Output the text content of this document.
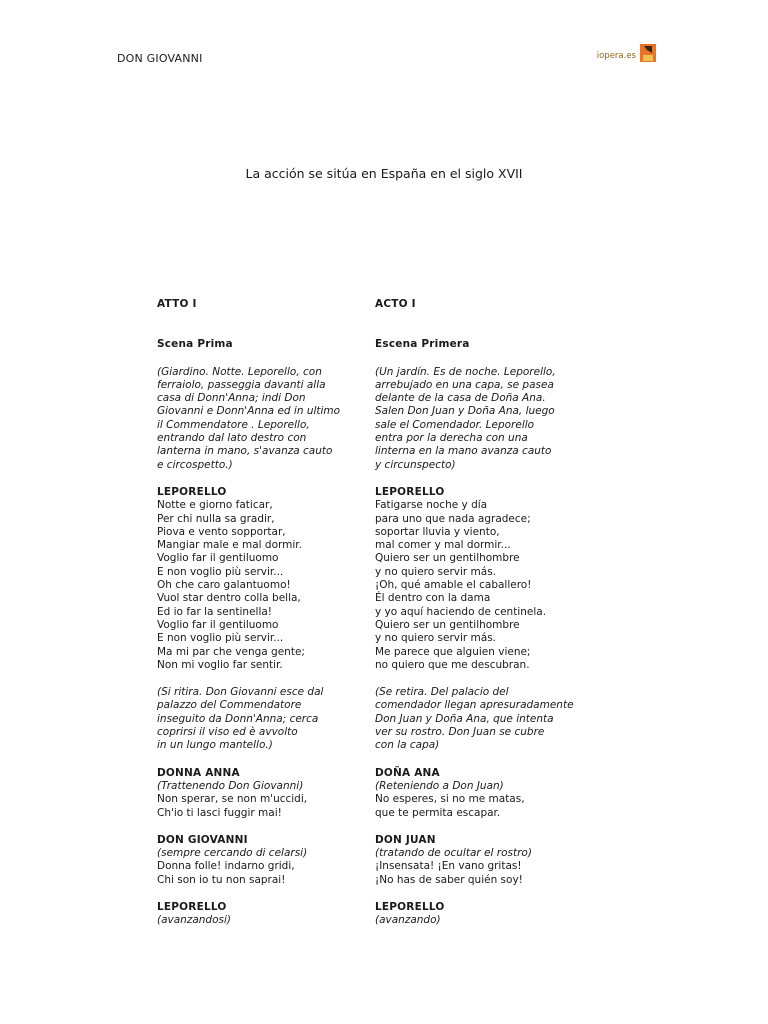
DON GIOVANNI	iopera.es
La acción se sitúa en España en el siglo XVII

ATTO I

Scena Prima

(Giardino. Notte. Leporello, con

ferraiolo, passeggia davanti alla

casa di Donn'Anna; indi Don

Giovanni e Donn'Anna ed in ultimo

il Commendatore . Leporello,

entrando dal lato destro con

lanterna in mano, s'avanza cauto

e circospetto.)

LEPORELLO

Notte e giorno faticar,

Per chi nulla sa gradir,

Piova e vento sopportar,

Mangiar male e mal dormir.

Voglio far il gentiluomo

E non voglio più servir...

Oh che caro galantuomo!

Vuol star dentro colla bella,

Ed io far la sentinella!

Voglio far il gentiluomo

E non voglio più servir...

Ma mi par che venga gente;

Non mi voglio far sentir.

(Si ritira. Don Giovanni esce dal

palazzo del Commendatore

inseguito da Donn'Anna; cerca

coprirsi il viso ed è avvolto

in un lungo mantello.)

DONNA ANNA

(Trattenendo Don Giovanni)

Non sperar, se non m'uccidi,

Ch'io ti lasci fuggir mai!

DON GIOVANNI

(sempre cercando di celarsi)

Donna folle! indarno gridi,

Chi son io tu non saprai!

LEPORELLO

(avanzandosi)

ACTO I

Escena Primera

(Un jardín. Es de noche. Leporello,

arrebujado en una capa, se pasea

delante de la casa de Doña Ana.

Salen Don Juan y Doña Ana, luego

sale el Comendador. Leporello

entra por la derecha con una

linterna en la mano avanza cauto

y circunspecto)

LEPORELLO

Fatigarse noche y día

para uno que nada agradece;

soportar lluvia y viento,

mal comer y mal dormir...

Quiero ser un gentilhombre

y no quiero servir más.

¡Oh, qué amable el caballero!

Él dentro con la dama

y yo aquí haciendo de centinela.

Quiero ser un gentilhombre

y no quiero servir más.

Me parece que alguien viene;

no quiero que me descubran.

(Se retira. Del palacio del

comendador llegan apresuradamente

Don Juan y Doña Ana, que intenta

ver su rostro. Don Juan se cubre

con la capa)

DOÑA ANA

(Reteniendo a Don Juan)

No esperes, si no me matas,

que te permita escapar.

DON JUAN

(tratando de ocultar el rostro)

¡Insensata! ¡En vano gritas!

¡No has de saber quién soy!

LEPORELLO

(avanzando)
